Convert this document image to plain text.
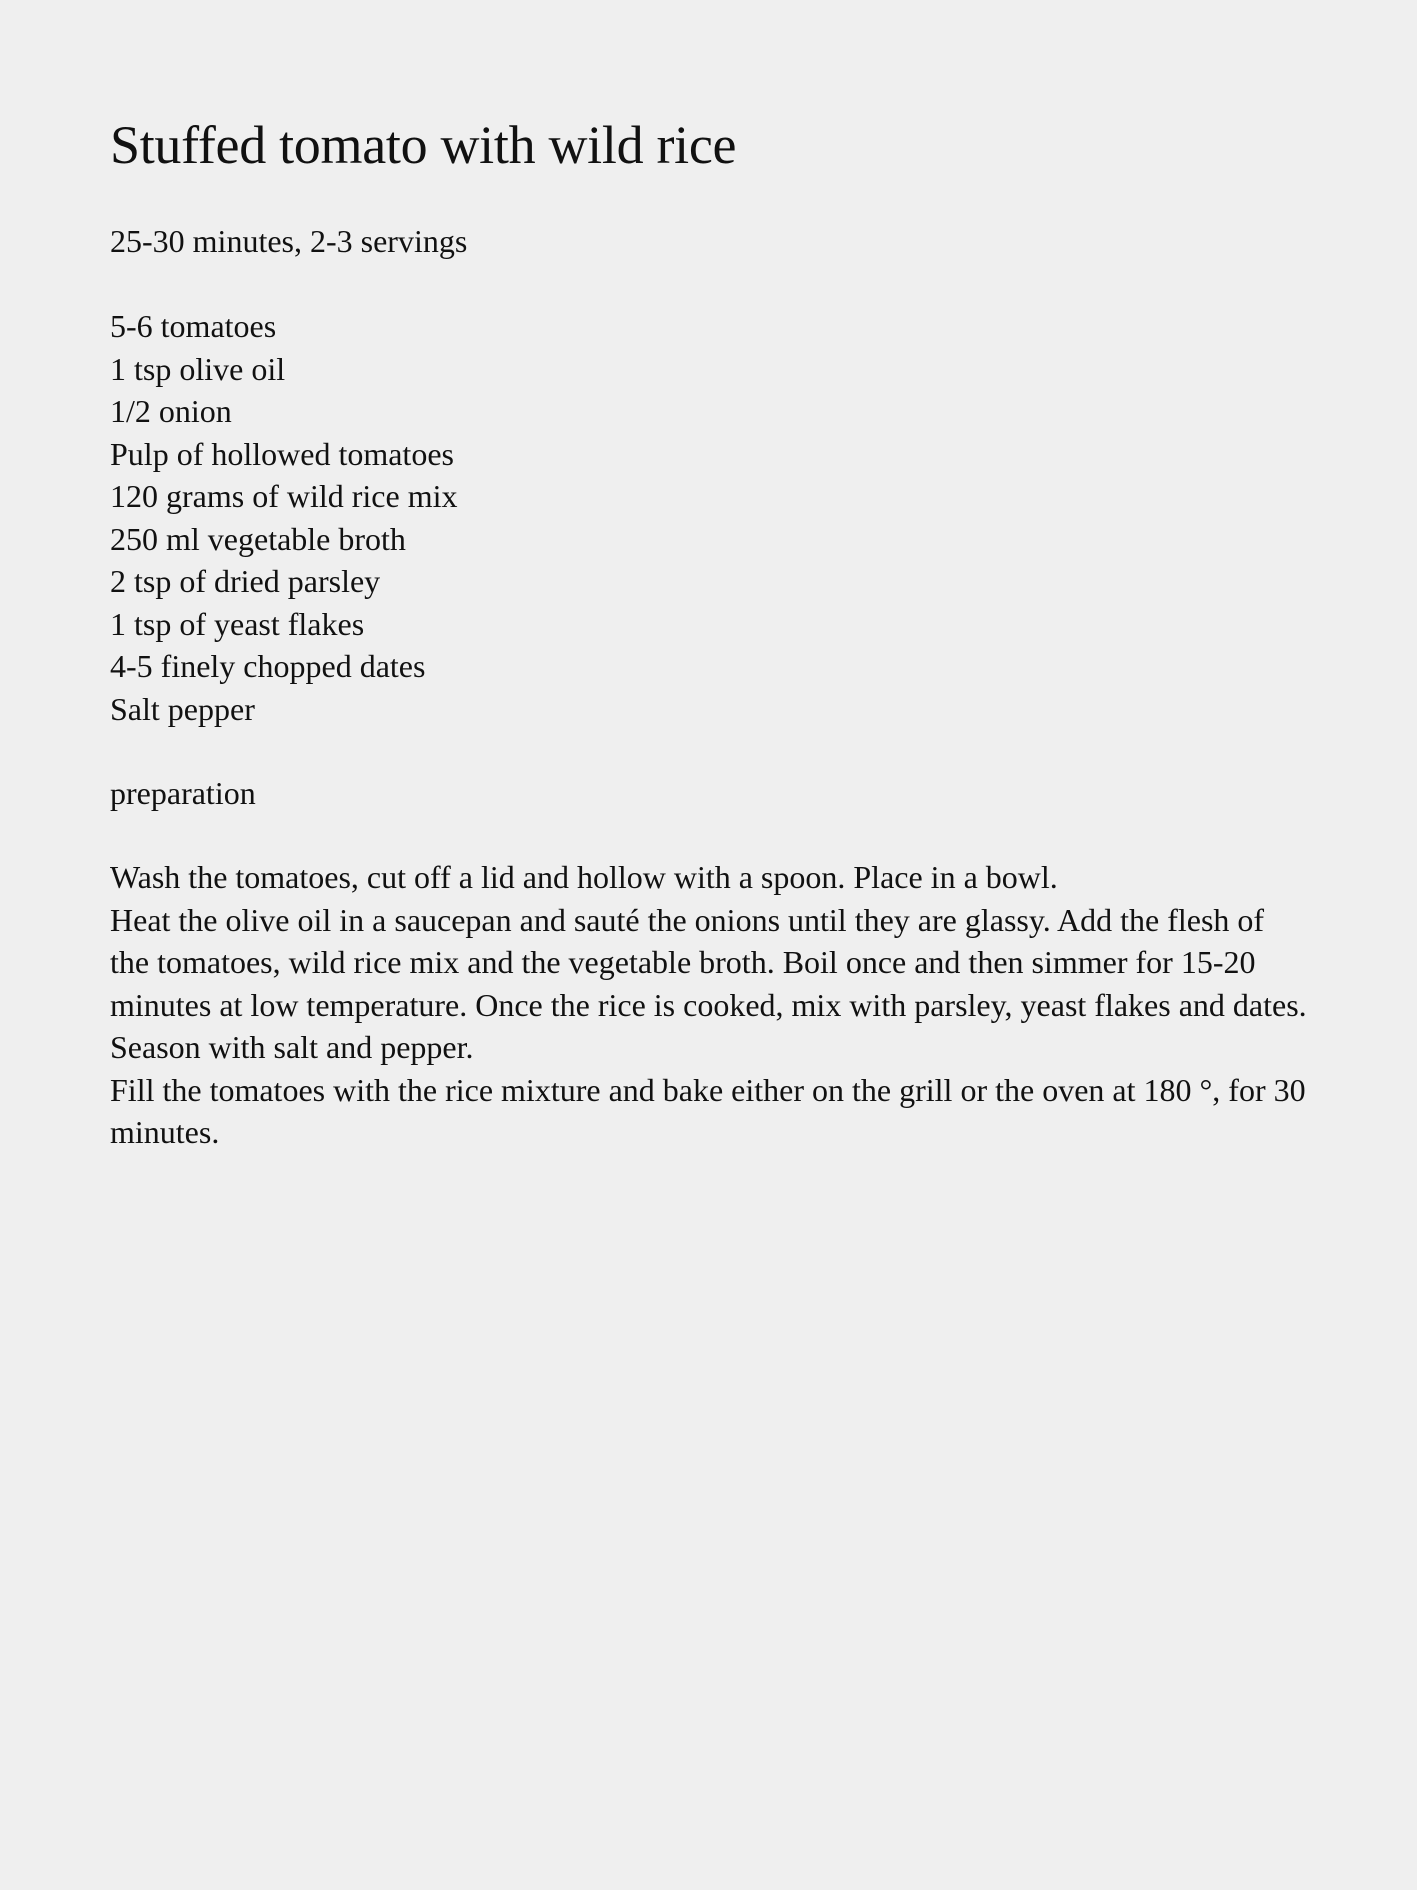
Stuffed tomato with wild rice
25-30 minutes, 2-3 servings
5-6 tomatoes
1 tsp olive oil
1/2 onion
Pulp of hollowed tomatoes
120 grams of wild rice mix
250 ml vegetable broth
2 tsp of dried parsley
1 tsp of yeast flakes
4-5 finely chopped dates
Salt pepper
preparation

Wash the tomatoes, cut off a lid and hollow with a spoon. Place in a bowl.

Heat the olive oil in a saucepan and sauté the onions until they are glassy. Add the flesh of the tomatoes, wild rice mix and the vegetable broth. Boil once and then simmer for 15-20 minutes at low temperature. Once the rice is cooked, mix with parsley, yeast flakes and dates. Season with salt and pepper.

Fill the tomatoes with the rice mixture and bake either on the grill or the oven at 180 °, for 30 minutes.
